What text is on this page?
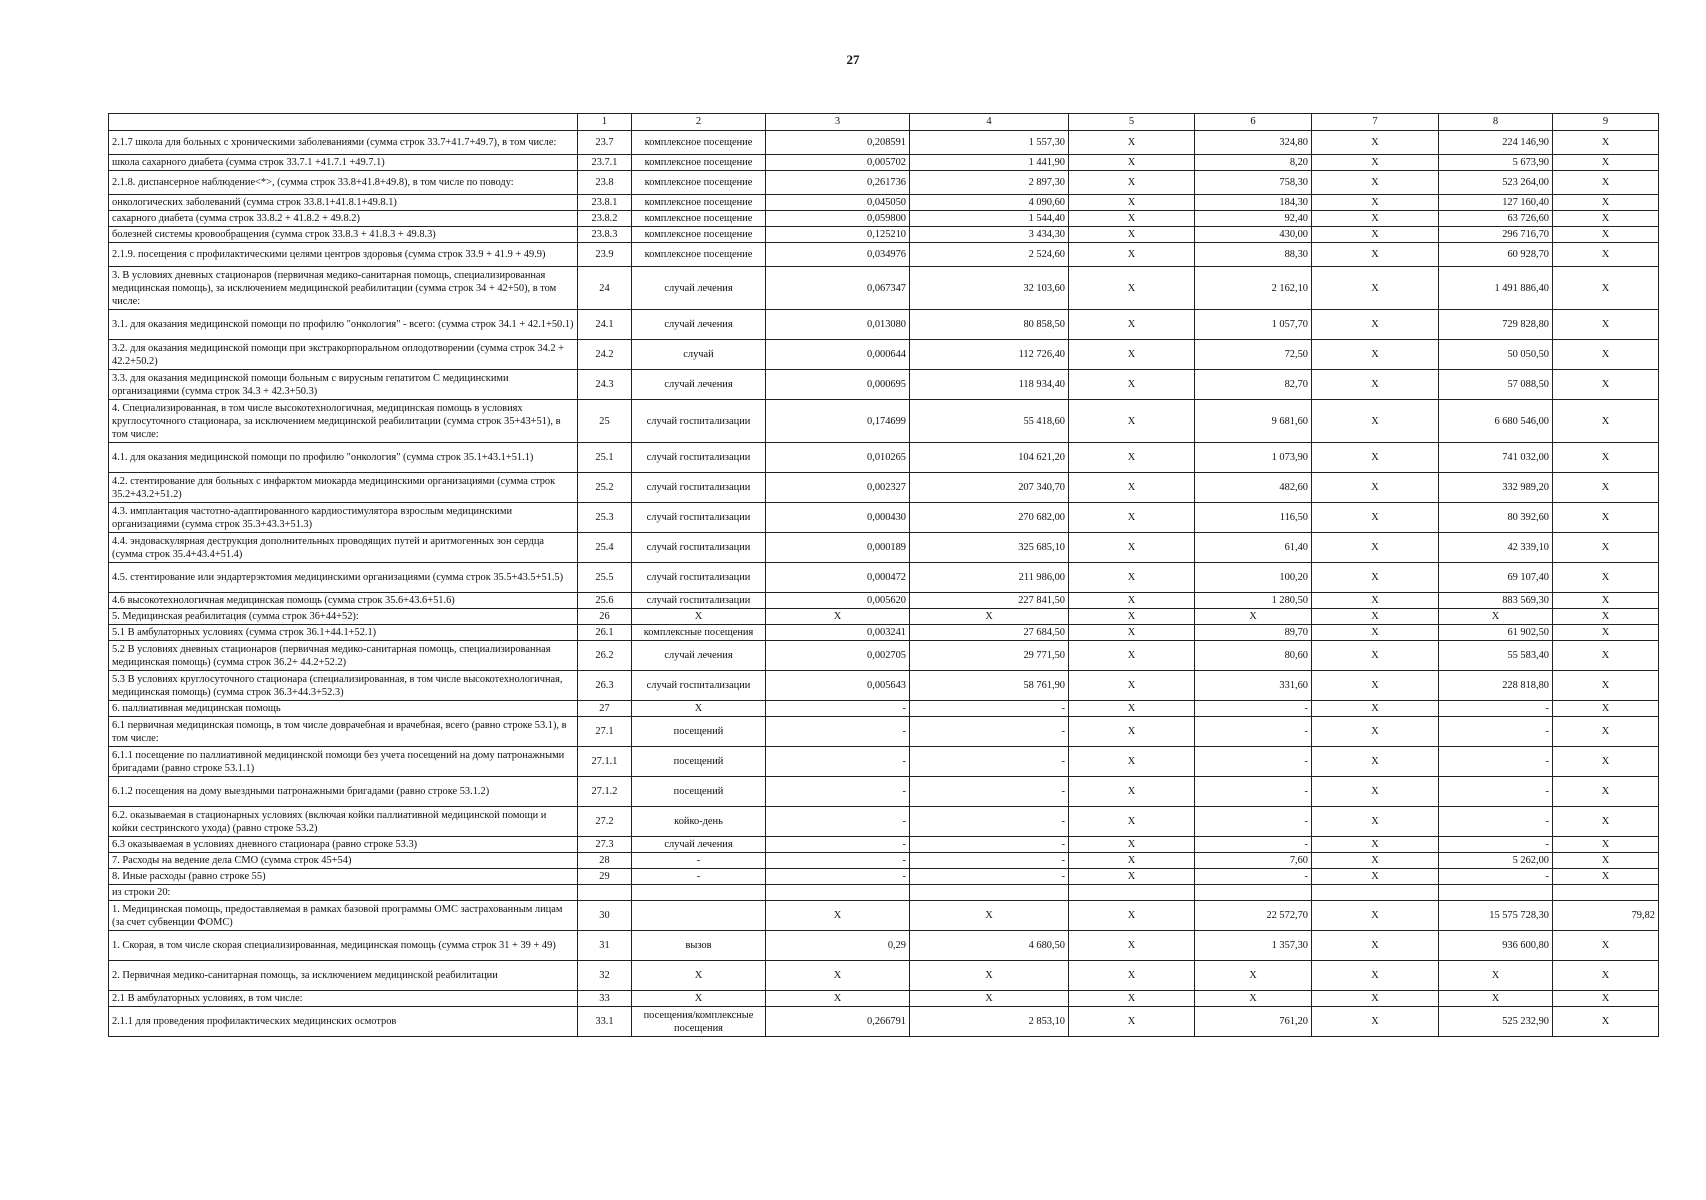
27
	1	2	3	4	5	6	7	8	9
2.1.7 школа для больных с хроническими заболеваниями (сумма строк 33.7+41.7+49.7), в том числе:	23.7	комплексное посещение	0,208591	1 557,30	Х	324,80	Х	224 146,90	Х
школа сахарного диабета (сумма строк 33.7.1 +41.7.1 +49.7.1)	23.7.1	комплексное посещение	0,005702	1 441,90	Х	8,20	Х	5 673,90	Х
2.1.8. диспансерное наблюдение<*>, (сумма строк 33.8+41.8+49.8), в том числе по поводу:	23.8	комплексное посещение	0,261736	2 897,30	Х	758,30	Х	523 264,00	Х
онкологических заболеваний (сумма строк 33.8.1+41.8.1+49.8.1)	23.8.1	комплексное посещение	0,045050	4 090,60	Х	184,30	Х	127 160,40	Х
сахарного диабета (сумма строк 33.8.2 + 41.8.2 + 49.8.2)	23.8.2	комплексное посещение	0,059800	1 544,40	Х	92,40	Х	63 726,60	Х
болезней системы кровообращения (сумма строк 33.8.3 + 41.8.3 + 49.8.3)	23.8.3	комплексное посещение	0,125210	3 434,30	Х	430,00	Х	296 716,70	Х
2.1.9. посещения с профилактическими целями центров здоровья (сумма строк 33.9 + 41.9 + 49.9)	23.9	комплексное посещение	0,034976	2 524,60	Х	88,30	Х	60 928,70	Х
3. В условиях дневных стационаров (первичная медико-санитарная помощь, специализированная медицинская помощь), за исключением медицинской реабилитации (сумма строк 34 + 42+50), в том числе:	24	случай лечения	0,067347	32 103,60	Х	2 162,10	Х	1 491 886,40	Х
3.1. для оказания медицинской помощи по профилю "онкология" - всего: (сумма строк 34.1 + 42.1+50.1)	24.1	случай лечения	0,013080	80 858,50	Х	1 057,70	Х	729 828,80	Х
3.2. для оказания медицинской помощи при экстракорпоральном оплодотворении (сумма строк 34.2 + 42.2+50.2)	24.2	случай	0,000644	112 726,40	Х	72,50	Х	50 050,50	Х
3.3. для оказания медицинской помощи больным с вирусным гепатитом С медицинскими организациями (сумма строк 34.3 + 42.3+50.3)	24.3	случай лечения	0,000695	118 934,40	Х	82,70	Х	57 088,50	Х
4. Специализированная, в том числе высокотехнологичная, медицинская помощь в условиях круглосуточного стационара, за исключением медицинской реабилитации (сумма строк 35+43+51), в том числе:	25	случай госпитализации	0,174699	55 418,60	Х	9 681,60	Х	6 680 546,00	Х
4.1. для оказания медицинской помощи по профилю "онкология" (сумма строк 35.1+43.1+51.1)	25.1	случай госпитализации	0,010265	104 621,20	Х	1 073,90	Х	741 032,00	Х
4.2. стентирование для больных с инфарктом миокарда медицинскими организациями (сумма строк 35.2+43.2+51.2)	25.2	случай госпитализации	0,002327	207 340,70	Х	482,60	Х	332 989,20	Х
4.3. имплантация частотно-адаптированного кардиостимулятора взрослым медицинскими организациями (сумма строк 35.3+43.3+51.3)	25.3	случай госпитализации	0,000430	270 682,00	Х	116,50	Х	80 392,60	Х
4.4. эндоваскулярная деструкция дополнительных проводящих путей и аритмогенных зон сердца (сумма строк 35.4+43.4+51.4)	25.4	случай госпитализации	0,000189	325 685,10	Х	61,40	Х	42 339,10	Х
4.5. стентирование или эндартерэктомия медицинскими организациями (сумма строк 35.5+43.5+51.5)	25.5	случай госпитализации	0,000472	211 986,00	Х	100,20	Х	69 107,40	Х
4.6 высокотехнологичная медицинская помощь (сумма строк 35.6+43.6+51.6)	25.6	случай госпитализации	0,005620	227 841,50	Х	1 280,50	Х	883 569,30	Х
5. Медицинская реабилитация (сумма строк 36+44+52):	26	Х	Х	Х	Х	Х	Х	Х	Х
5.1 В амбулаторных условиях (сумма строк 36.1+44.1+52.1)	26.1	комплексные посещения	0,003241	27 684,50	Х	89,70	Х	61 902,50	Х
5.2 В условиях дневных стационаров (первичная медико-санитарная помощь, специализированная медицинская помощь) (сумма строк 36.2+ 44.2+52.2)	26.2	случай лечения	0,002705	29 771,50	Х	80,60	Х	55 583,40	Х
5.3 В условиях круглосуточного стационара (специализированная, в том числе высокотехнологичная, медицинская помощь) (сумма строк 36.3+44.3+52.3)	26.3	случай госпитализации	0,005643	58 761,90	Х	331,60	Х	228 818,80	Х
6. паллиативная медицинская помощь	27	Х	-	-	Х	-	Х	-	Х
6.1 первичная медицинская помощь, в том числе доврачебная и врачебная, всего (равно строке 53.1), в том числе:	27.1	посещений	-	-	Х	-	Х	-	Х
6.1.1 посещение по паллиативной медицинской помощи без учета посещений на дому патронажными бригадами (равно строке 53.1.1)	27.1.1	посещений	-	-	Х	-	Х	-	Х
6.1.2 посещения на дому выездными патронажными бригадами (равно строке 53.1.2)	27.1.2	посещений	-	-	Х	-	Х	-	Х
6.2. оказываемая в стационарных условиях (включая койки паллиативной медицинской помощи и койки сестринского ухода) (равно строке 53.2)	27.2	койко-день	-	-	Х	-	Х	-	Х
6.3 оказываемая в условиях дневного стационара (равно строке 53.3)	27.3	случай лечения	-	-	Х	-	Х	-	Х
7. Расходы на ведение дела СМО (сумма строк 45+54)	28	-	-	-	Х	7,60	Х	5 262,00	Х
8. Иные расходы (равно строке 55)	29	-	-	-	Х	-	Х	-	Х
из строки 20:									
1. Медицинская помощь, предоставляемая в рамках базовой программы ОМС застрахованным лицам (за счет субвенции ФОМС)	30		Х	Х	Х	22 572,70	Х	15 575 728,30	79,82
1. Скорая, в том числе скорая специализированная, медицинская помощь (сумма строк 31 + 39 + 49)	31	вызов	0,29	4 680,50	Х	1 357,30	Х	936 600,80	Х
2. Первичная медико-санитарная помощь, за исключением медицинской реабилитации	32	Х	Х	Х	Х	Х	Х	Х	Х
2.1 В амбулаторных условиях, в том числе:	33	Х	Х	Х	Х	Х	Х	Х	Х
2.1.1 для проведения профилактических медицинских осмотров	33.1	посещения/комплексные посещения	0,266791	2 853,10	Х	761,20	Х	525 232,90	Х
